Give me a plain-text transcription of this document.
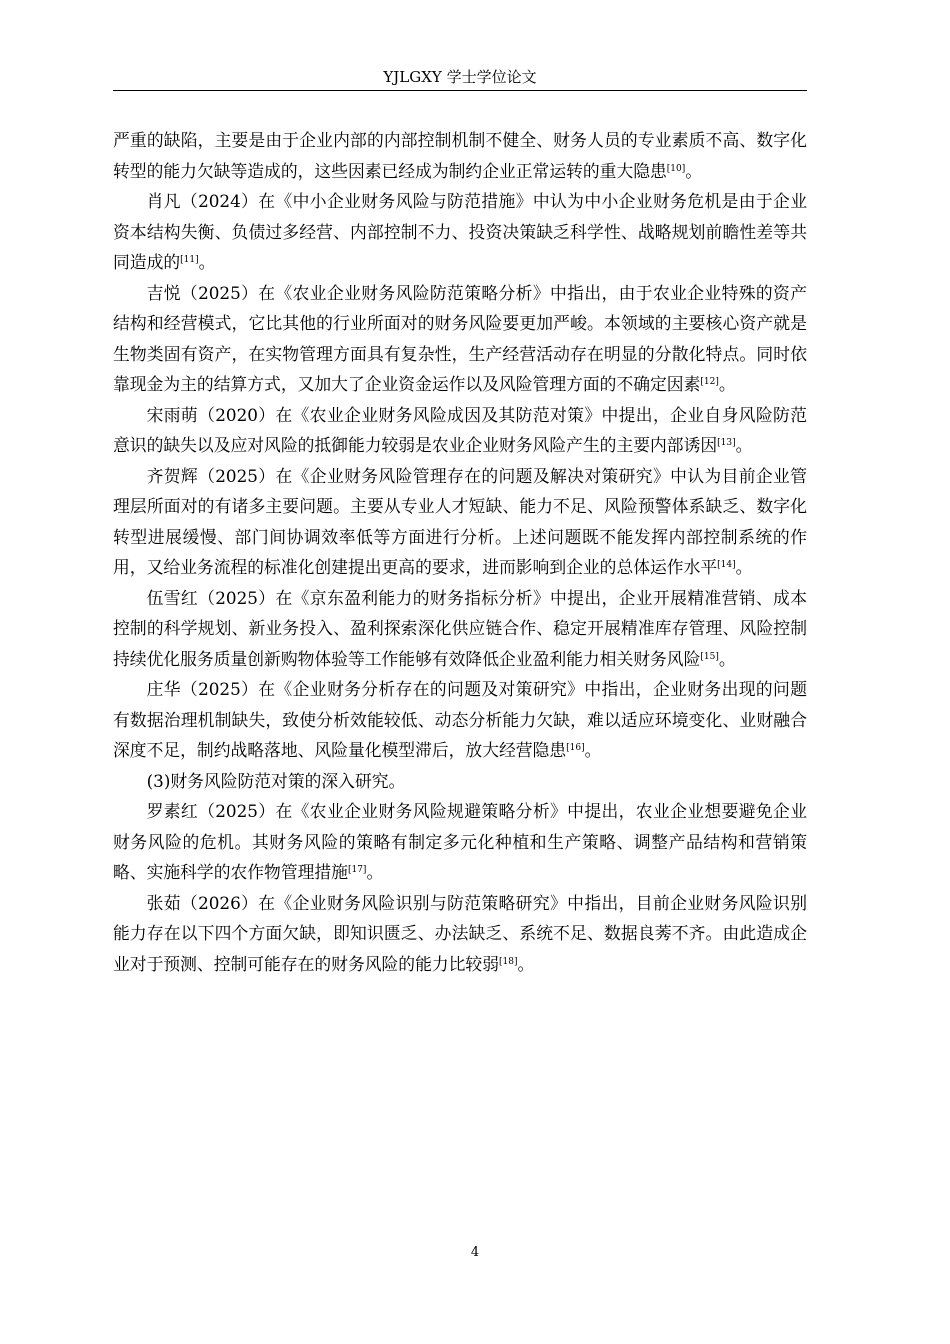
YJLGXY 学士学位论文

严重的缺陷，主要是由于企业内部的内部控制机制不健全、财务人员的专业素质不高、数字化转型的能力欠缺等造成的，这些因素已经成为制约企业正常运转的重大隐患[10]。

肖凡（2024）在《中小企业财务风险与防范措施》中认为中小企业财务危机是由于企业资本结构失衡、负债过多经营、内部控制不力、投资决策缺乏科学性、战略规划前瞻性差等共同造成的[11]。

吉悦（2025）在《农业企业财务风险防范策略分析》中指出，由于农业企业特殊的资产结构和经营模式，它比其他的行业所面对的财务风险要更加严峻。本领域的主要核心资产就是生物类固有资产，在实物管理方面具有复杂性，生产经营活动存在明显的分散化特点。同时依靠现金为主的结算方式，又加大了企业资金运作以及风险管理方面的不确定因素[12]。

宋雨萌（2020）在《农业企业财务风险成因及其防范对策》中提出，企业自身风险防范意识的缺失以及应对风险的抵御能力较弱是农业企业财务风险产生的主要内部诱因[13]。

齐贺辉（2025）在《企业财务风险管理存在的问题及解决对策研究》中认为目前企业管理层所面对的有诸多主要问题。主要从专业人才短缺、能力不足、风险预警体系缺乏、数字化转型进展缓慢、部门间协调效率低等方面进行分析。上述问题既不能发挥内部控制系统的作用，又给业务流程的标准化创建提出更高的要求，进而影响到企业的总体运作水平[14]。

伍雪红（2025）在《京东盈利能力的财务指标分析》中提出，企业开展精准营销、成本控制的科学规划、新业务投入、盈利探索深化供应链合作、稳定开展精准库存管理、风险控制持续优化服务质量创新购物体验等工作能够有效降低企业盈利能力相关财务风险[15]。

庄华（2025）在《企业财务分析存在的问题及对策研究》中指出，企业财务出现的问题有数据治理机制缺失，致使分析效能较低、动态分析能力欠缺，难以适应环境变化、业财融合深度不足，制约战略落地、风险量化模型滞后，放大经营隐患[16]。

(3)财务风险防范对策的深入研究。

罗素红（2025）在《农业企业财务风险规避策略分析》中提出，农业企业想要避免企业财务风险的危机。其财务风险的策略有制定多元化种植和生产策略、调整产品结构和营销策略、实施科学的农作物管理措施[17]。

张茹（2026）在《企业财务风险识别与防范策略研究》中指出，目前企业财务风险识别能力存在以下四个方面欠缺，即知识匮乏、办法缺乏、系统不足、数据良莠不齐。由此造成企业对于预测、控制可能存在的财务风险的能力比较弱[18]。

4
